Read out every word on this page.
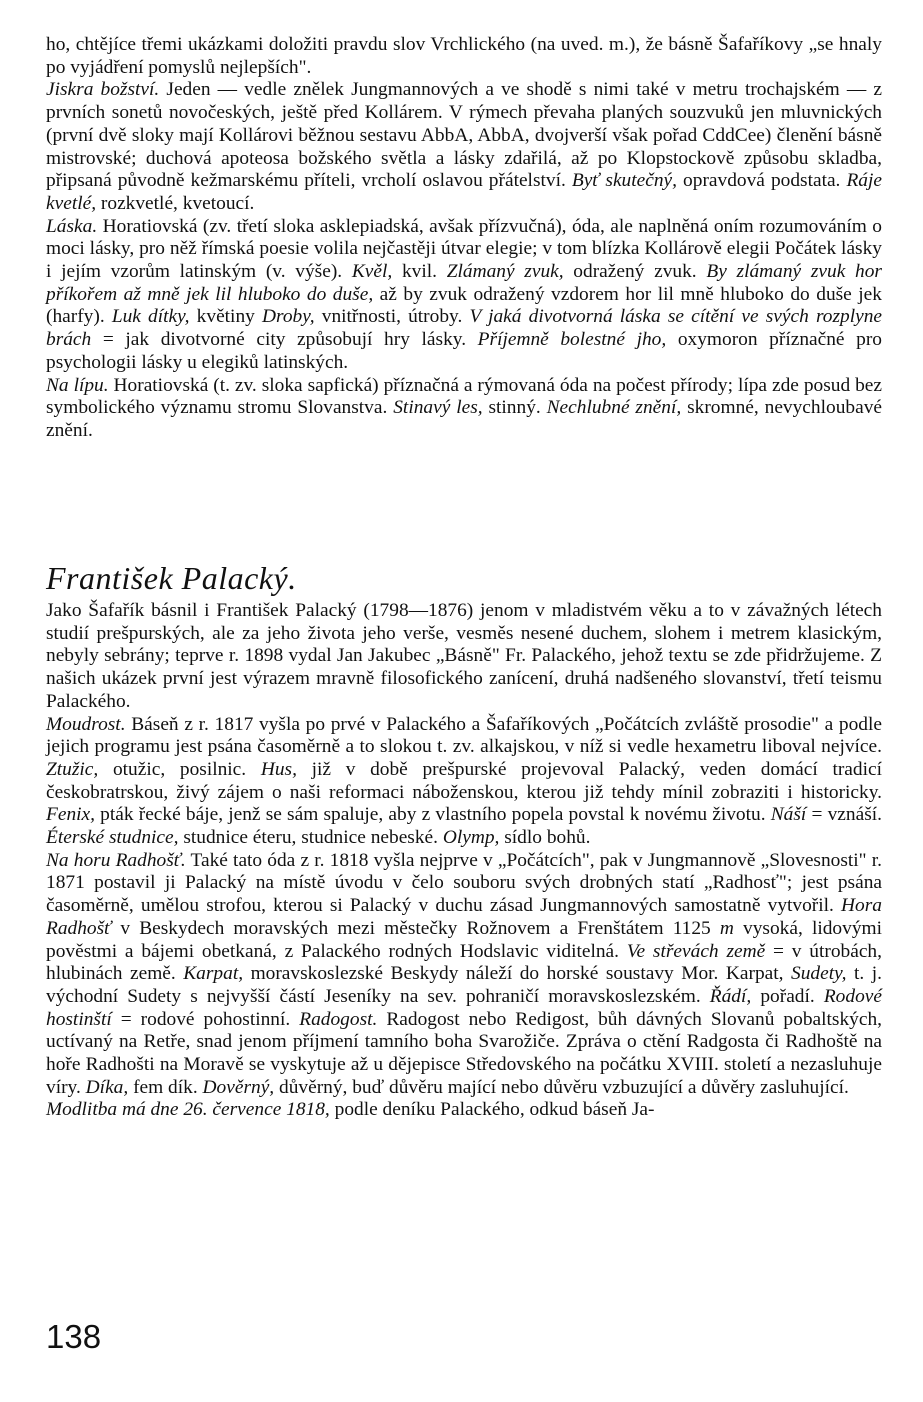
ho, chtějíce třemi ukázkami doložiti pravdu slov Vrchlického (na uved. m.), že básně Šafaříkovy „se hnaly po vyjádření pomyslů nejlepších".

Jiskra božství. Jeden — vedle znělek Jungmannových a ve shodě s nimi také v metru trochajském — z prvních sonetů novočeských, ještě před Kollárem. V rýmech převaha planých souzvuků jen mluvnických (první dvě sloky mají Kollárovi běžnou sestavu AbbA, AbbA, dvojverší však pořad CddCee) členění básně mistrovské; duchová apoteosa božského světla a lásky zdařilá, až po Klopstockově způsobu skladba, připsaná původně kežmarskému příteli, vrcholí oslavou přátelství. Byť skutečný, opravdová podstata. Ráje kvetlé, rozkvetlé, kvetoucí.

Láska. Horatiovská (zv. třetí sloka asklepiadská, avšak přízvučná), óda, ale naplněná oním rozumováním o moci lásky, pro něž římská poesie volila nejčastěji útvar elegie; v tom blízka Kollárově elegii Počátek lásky i jejím vzorům latinským (v. výše). Kvěl, kvil. Zlámaný zvuk, odražený zvuk. By zlámaný zvuk hor příkořem až mně jek lil hluboko do duše, až by zvuk odražený vzdorem hor lil mně hluboko do duše jek (harfy). Luk dítky, květiny Droby, vnitřnosti, útroby. V jaká divotvorná láska se cítění ve svých rozplyne brách = jak divotvorné city způsobují hry lásky. Příjemně bolestné jho, oxymoron příznačné pro psychologii lásky u elegiků latinských.

Na lípu. Horatiovská (t. zv. sloka sapfická) příznačná a rýmovaná óda na počest přírody; lípa zde posud bez symbolického významu stromu Slovanstva. Stinavý les, stinný. Nechlubné znění, skromné, nevychloubavé znění.

František Palacký.

Jako Šafařík básnil i František Palacký (1798—1876) jenom v mladistvém věku a to v závažných létech studií prešpurských, ale za jeho života jeho verše, vesměs nesené duchem, slohem i metrem klasickým, nebyly sebrány; teprve r. 1898 vydal Jan Jakubec „Básně" Fr. Palackého, jehož textu se zde přidržujeme. Z našich ukázek první jest výrazem mravně filosofického zanícení, druhá nadšeného slovanství, třetí teismu Palackého.

Moudrost. Báseň z r. 1817 vyšla po prvé v Palackého a Šafaříkových „Počátcích zvláště prosodie" a podle jejich programu jest psána časoměrně a to slokou t. zv. alkajskou, v níž si vedle hexametru liboval nejvíce. Ztužic, otužic, posilnic. Hus, již v době prešpurské projevoval Palacký, veden domácí tradicí českobratrskou, živý zájem o naši reformaci náboženskou, kterou již tehdy mínil zobraziti i historicky. Fenix, pták řecké báje, jenž se sám spaluje, aby z vlastního popela povstal k novému životu. Náší = vznáší. Éterské studnice, studnice éteru, studnice nebeské. Olymp, sídlo bohů.

Na horu Radhošť. Také tato óda z r. 1818 vyšla nejprve v „Počátcích", pak v Jungmannově „Slovesnosti" r. 1871 postavil ji Palacký na místě úvodu v čelo souboru svých drobných statí „Radhosť"; jest psána časoměrně, umělou strofou, kterou si Palacký v duchu zásad Jungmannových samostatně vytvořil. Hora Radhošť v Beskydech moravských mezi městečky Rožnovem a Frenštátem 1125 m vysoká, lidovými pověstmi a bájemi obetkaná, z Palackého rodných Hodslavic viditelná. Ve střevách země = v útrobách, hlubinách země. Karpat, moravskoslezské Beskydy náleží do horské soustavy Mor. Karpat, Sudety, t. j. východní Sudety s nejvyšší částí Jeseníky na sev. pohraničí moravskoslezském. Řádí, pořadí. Rodové hostinští = rodové pohostinní. Radogost. Radogost nebo Redigost, bůh dávných Slovanů pobaltských, uctívaný na Retře, snad jenom příjmení tamního boha Svarožiče. Zpráva o ctění Radgosta či Radhoště na hoře Radhošti na Moravě se vyskytuje až u dějepisce Středovského na počátku XVIII. století a nezasluhuje víry. Díka, fem dík. Dověrný, důvěrný, buď důvěru mající nebo důvěru vzbuzující a důvěry zasluhující.

Modlitba má dne 26. července 1818, podle deníku Palackého, odkud báseň Ja-

138
